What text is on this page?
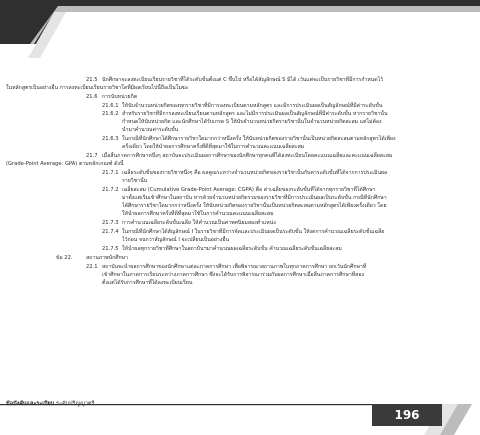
21.5 นักศึกษาจะลงทะเบียนเรียนรายวิชาที่ได้ระดับขั้นตั้งแต่ C ขึ้นไป หรือได้สัญลักษณ์ S มิได้ เว้นแต่จะเป็นรายวิชาที่มีการกำหนดไว้
ในหลักสูตรเป็นอย่างอื่น การลงทะเบียนเรียนรายวิชาใดที่มีผลเรียนไปนี้ถือเป็นโมฆะ
21.6 การนับหน่วยกิต
21.6.1 ให้นับจำนวนหน่วยกิตของทุกรายวิชาที่มีการลงทะเบียนตามหลักสูตร และมีการประเมินผลเป็นสัญลักษณ์ที่มีค่าระดับขั้น
21.6.2 สำหรับรายวิชาที่มีการลงทะเบียนเรียนตามหลักสูตร และไม่มีการประเมินผลเป็นสัญลักษณ์ที่มีค่าระดับขั้น หากรายวิชานั้น
กำหนดให้นับหน่วยกิต และนักศึกษาได้รับเกรด S ให้นับจำนวนหน่วยกิตรายวิชานั้นในจำนวนหน่วยกิตสะสม แต่ไม่ต้อง
นำมาคำนวณค่าระดับขั้น
21.6.3 ในกรณีที่นักศึกษาได้ศึกษารายวิชาใดมากกว่าหนึ่งครั้ง ให้นับหน่วยกิตของรายวิชานั้นเป็นหน่วยกิตสะสมตามหลักสูตรได้เพียง
ครั้งเดียว โดยให้นำผลการศึกษาครั้งที่ดีที่สุดมาใช้ในการคำนวณคะแนนเฉลี่ยสะสม
21.7 เมื่อสิ้นภาคการศึกษาหนึ่งๆ สถาบันจะประเมินผลการศึกษาของนักศึกษาทุกคนที่ได้ลงทะเบียนโดยคะแนนเฉลี่ยและคะแนนเฉลี่ยสะสม
(Grade-Point Average: GPA) ตามหลักเกณฑ์ ดังนี้
21.7.1 เฉลี่ยระดับขั้นของรายวิชาหนึ่งๆ คือ ผลคูณระหว่างจำนวนหน่วยกิตของรายวิชานั้นกับค่าระดับขั้นที่ได้จากการประเมินผล
รายวิชานั้น
21.7.2 เฉลี่ยสะสม (Cumulative Grade-Point Average: CGPA) คือ ค่าเฉลี่ยของระดับขั้นที่ได้จากทุกรายวิชาที่ได้ศึกษา
มาตั้งแต่เริ่มเข้าศึกษาในสถาบัน หารด้วยจำนวนหน่วยกิตรวมของรายวิชาที่มีการประเมินผลเป็นระดับขั้น กรณีที่นักศึกษา
ได้ศึกษารายวิชาใดมากกว่าหนึ่งครั้ง ให้นับหน่วยกิตของรายวิชานั้นเป็นหน่วยกิตสะสมตามหลักสูตรได้เพียงครั้งเดียว โดย
ให้นำผลการศึกษาครั้งที่ดีที่สุดมาใช้ในการคำนวณคะแนนเฉลี่ยสะสม
21.7.3 การคำนวณเฉลี่ยระดับขั้นเฉลี่ย ให้คำนวณเป็นค่าทศนิยมสองตำแหน่ง
21.7.4 ในกรณีที่นักศึกษาได้สัญลักษณ์ I ในรายวิชาที่มีการจัดและประเมินผลเป็นระดับขั้น ให้งดการคำนวณเฉลี่ยระดับขั้นเฉลี่ย
ไว้ก่อน จนกว่าสัญลักษณ์ I จะเปลี่ยนเป็นอย่างอื่น
21.7.5 ให้นำผลทุกรายวิชาที่ศึกษาในสถาบันฯมาคำนวณผลเฉลี่ยระดับขั้น คำนวณเฉลี่ยระดับขั้นเฉลี่ยสะสม
ข้อ 22.	สถานภาพนักศึกษา
22.1 สถาบันจะนำผลการศึกษาของนักศึกษาแต่ละภาคการศึกษา เพื่อพิจารณาสถานภาพในทุกภาคการศึกษา ยกเว้นนักศึกษาที่
เข้าศึกษาในภาคการเรียนระหว่างภาคการศึกษา ซึ่งจะได้รับการพิจารณาร่วมกับผลการศึกษาเมื่อสิ้นภาคการศึกษาที่สอง
ตั้งแต่ได้รับการศึกษาที่ได้ลงทะเบียนเรียน
196
